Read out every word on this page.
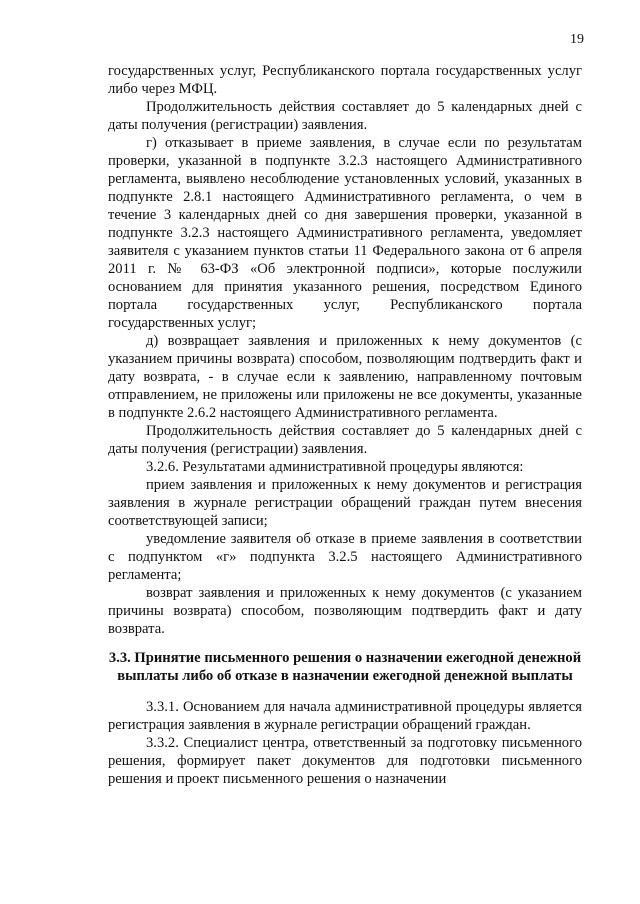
19

государственных услуг, Республиканского портала государственных услуг либо через МФЦ.

Продолжительность действия составляет до 5 календарных дней с даты получения (регистрации) заявления.

г) отказывает в приеме заявления, в случае если по результатам проверки, указанной в подпункте 3.2.3 настоящего Административного регламента, выявлено несоблюдение установленных условий, указанных в подпункте 2.8.1 настоящего Административного регламента, о чем в течение 3 календарных дней со дня завершения проверки, указанной в подпункте 3.2.3 настоящего Административного регламента, уведомляет заявителя с указанием пунктов статьи 11 Федерального закона от 6 апреля 2011 г. № 63-ФЗ «Об электронной подписи», которые послужили основанием для принятия указанного решения, посредством Единого портала государственных услуг, Республиканского портала государственных услуг;

д) возвращает заявления и приложенных к нему документов (с указанием причины возврата) способом, позволяющим подтвердить факт и дату возврата, - в случае если к заявлению, направленному почтовым отправлением, не приложены или приложены не все документы, указанные в подпункте 2.6.2 настоящего Административного регламента.

Продолжительность действия составляет до 5 календарных дней с даты получения (регистрации) заявления.

3.2.6. Результатами административной процедуры являются:

прием заявления и приложенных к нему документов и регистрация заявления в журнале регистрации обращений граждан путем внесения соответствующей записи;

уведомление заявителя об отказе в приеме заявления в соответствии с подпунктом «г» подпункта 3.2.5 настоящего Административного регламента;

возврат заявления и приложенных к нему документов (с указанием причины возврата) способом, позволяющим подтвердить факт и дату возврата.

3.3. Принятие письменного решения о назначении ежегодной денежной выплаты либо об отказе в назначении ежегодной денежной выплаты

3.3.1. Основанием для начала административной процедуры является регистрация заявления в журнале регистрации обращений граждан.

3.3.2. Специалист центра, ответственный за подготовку письменного решения, формирует пакет документов для подготовки письменного решения и проект письменного решения о назначении
